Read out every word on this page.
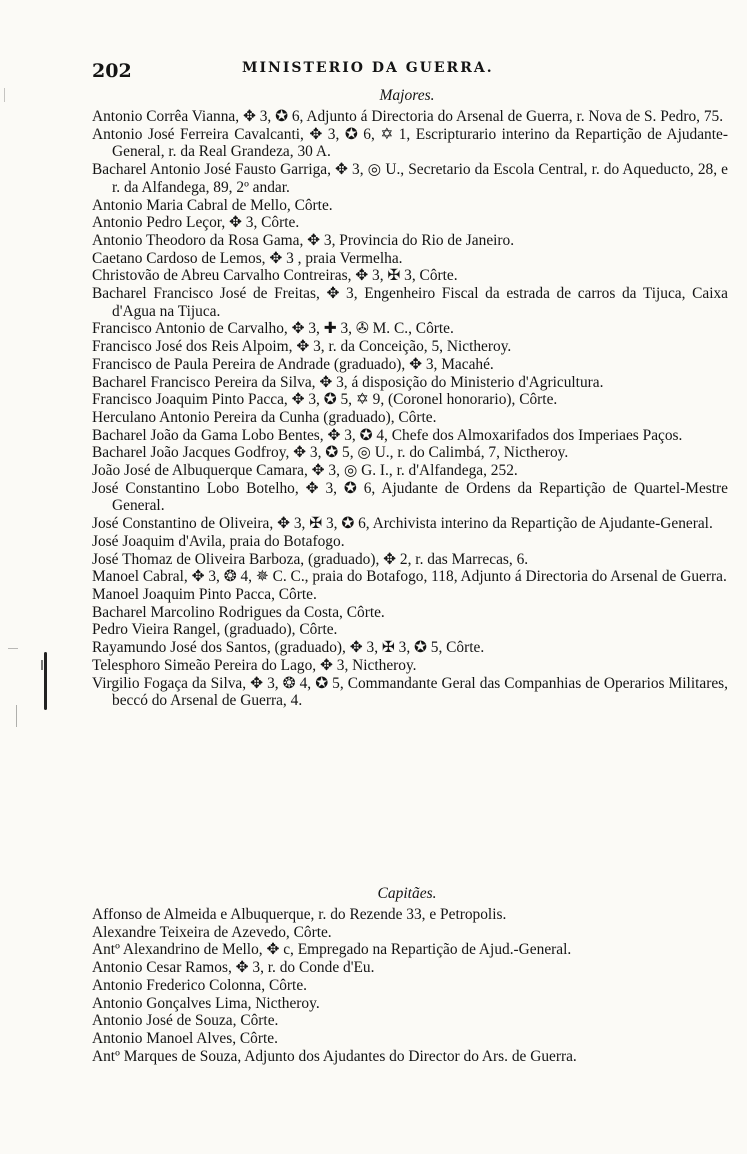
202	MINISTERIO DA GUERRA.
Majores.

Antonio Corrêa Vianna, ✥ 3, ✪ 6, Adjunto á Directoria do Arsenal de Guerra, r. Nova de S. Pedro, 75.

Antonio José Ferreira Cavalcanti, ✥ 3, ✪ 6, ✡ 1, Escripturario interino da Repartição de Ajudante-General, r. da Real Grandeza, 30 A.

Bacharel Antonio José Fausto Garriga, ✥ 3, ◎ U., Secretario da Escola Central, r. do Aqueducto, 28, e r. da Alfandega, 89, 2º andar.

Antonio Maria Cabral de Mello, Côrte.

Antonio Pedro Leçor, ✥ 3, Côrte.

Antonio Theodoro da Rosa Gama, ✥ 3, Provincia do Rio de Janeiro.

Caetano Cardoso de Lemos, ✥ 3 , praia Vermelha.

Christovão de Abreu Carvalho Contreiras, ✥ 3, ✠ 3, Côrte.

Bacharel Francisco José de Freitas, ✥ 3, Engenheiro Fiscal da estrada de carros da Tijuca, Caixa d'Agua na Tijuca.

Francisco Antonio de Carvalho, ✥ 3, ✚ 3, ✇ M. C., Côrte.

Francisco José dos Reis Alpoim, ✥ 3, r. da Conceição, 5, Nictheroy.

Francisco de Paula Pereira de Andrade (graduado), ✥ 3, Macahé.

Bacharel Francisco Pereira da Silva, ✥ 3, á disposição do Ministerio d'Agricultura.

Francisco Joaquim Pinto Pacca, ✥ 3, ✪ 5, ✡ 9, (Coronel honorario), Côrte.

Herculano Antonio Pereira da Cunha (graduado), Côrte.

Bacharel João da Gama Lobo Bentes, ✥ 3, ✪ 4, Chefe dos Almoxarifados dos Imperiaes Paços.

Bacharel João Jacques Godfroy, ✥ 3, ✪ 5, ◎ U., r. do Calimbá, 7, Nictheroy.

João José de Albuquerque Camara, ✥ 3, ◎ G. I., r. d'Alfandega, 252.

José Constantino Lobo Botelho, ✥ 3, ✪ 6, Ajudante de Ordens da Repartição de Quartel-Mestre General.

José Constantino de Oliveira, ✥ 3, ✠ 3, ✪ 6, Archivista interino da Repartição de Ajudante-General.

José Joaquim d'Avila, praia do Botafogo.

José Thomaz de Oliveira Barboza, (graduado), ✥ 2, r. das Marrecas, 6.

Manoel Cabral, ✥ 3, ❂ 4, ✵ C. C., praia do Botafogo, 118, Adjunto á Directoria do Arsenal de Guerra.

Manoel Joaquim Pinto Pacca, Côrte.

Bacharel Marcolino Rodrigues da Costa, Côrte.

Pedro Vieira Rangel, (graduado), Côrte.

Rayamundo José dos Santos, (graduado), ✥ 3, ✠ 3, ✪ 5, Côrte.

Telesphoro Simeão Pereira do Lago, ✥ 3, Nictheroy.

Virgilio Fogaça da Silva, ✥ 3, ❂ 4, ✪ 5, Commandante Geral das Companhias de Operarios Militares, beccó do Arsenal de Guerra, 4.

Capitães.

Affonso de Almeida e Albuquerque, r. do Rezende 33, e Petropolis.

Alexandre Teixeira de Azevedo, Côrte.

Antº Alexandrino de Mello, ✥ c, Empregado na Repartição de Ajud.-General.

Antonio Cesar Ramos, ✥ 3, r. do Conde d'Eu.

Antonio Frederico Colonna, Côrte.

Antonio Gonçalves Lima, Nictheroy.

Antonio José de Souza, Côrte.

Antonio Manoel Alves, Côrte.

Antº Marques de Souza, Adjunto dos Ajudantes do Director do Ars. de Guerra.
